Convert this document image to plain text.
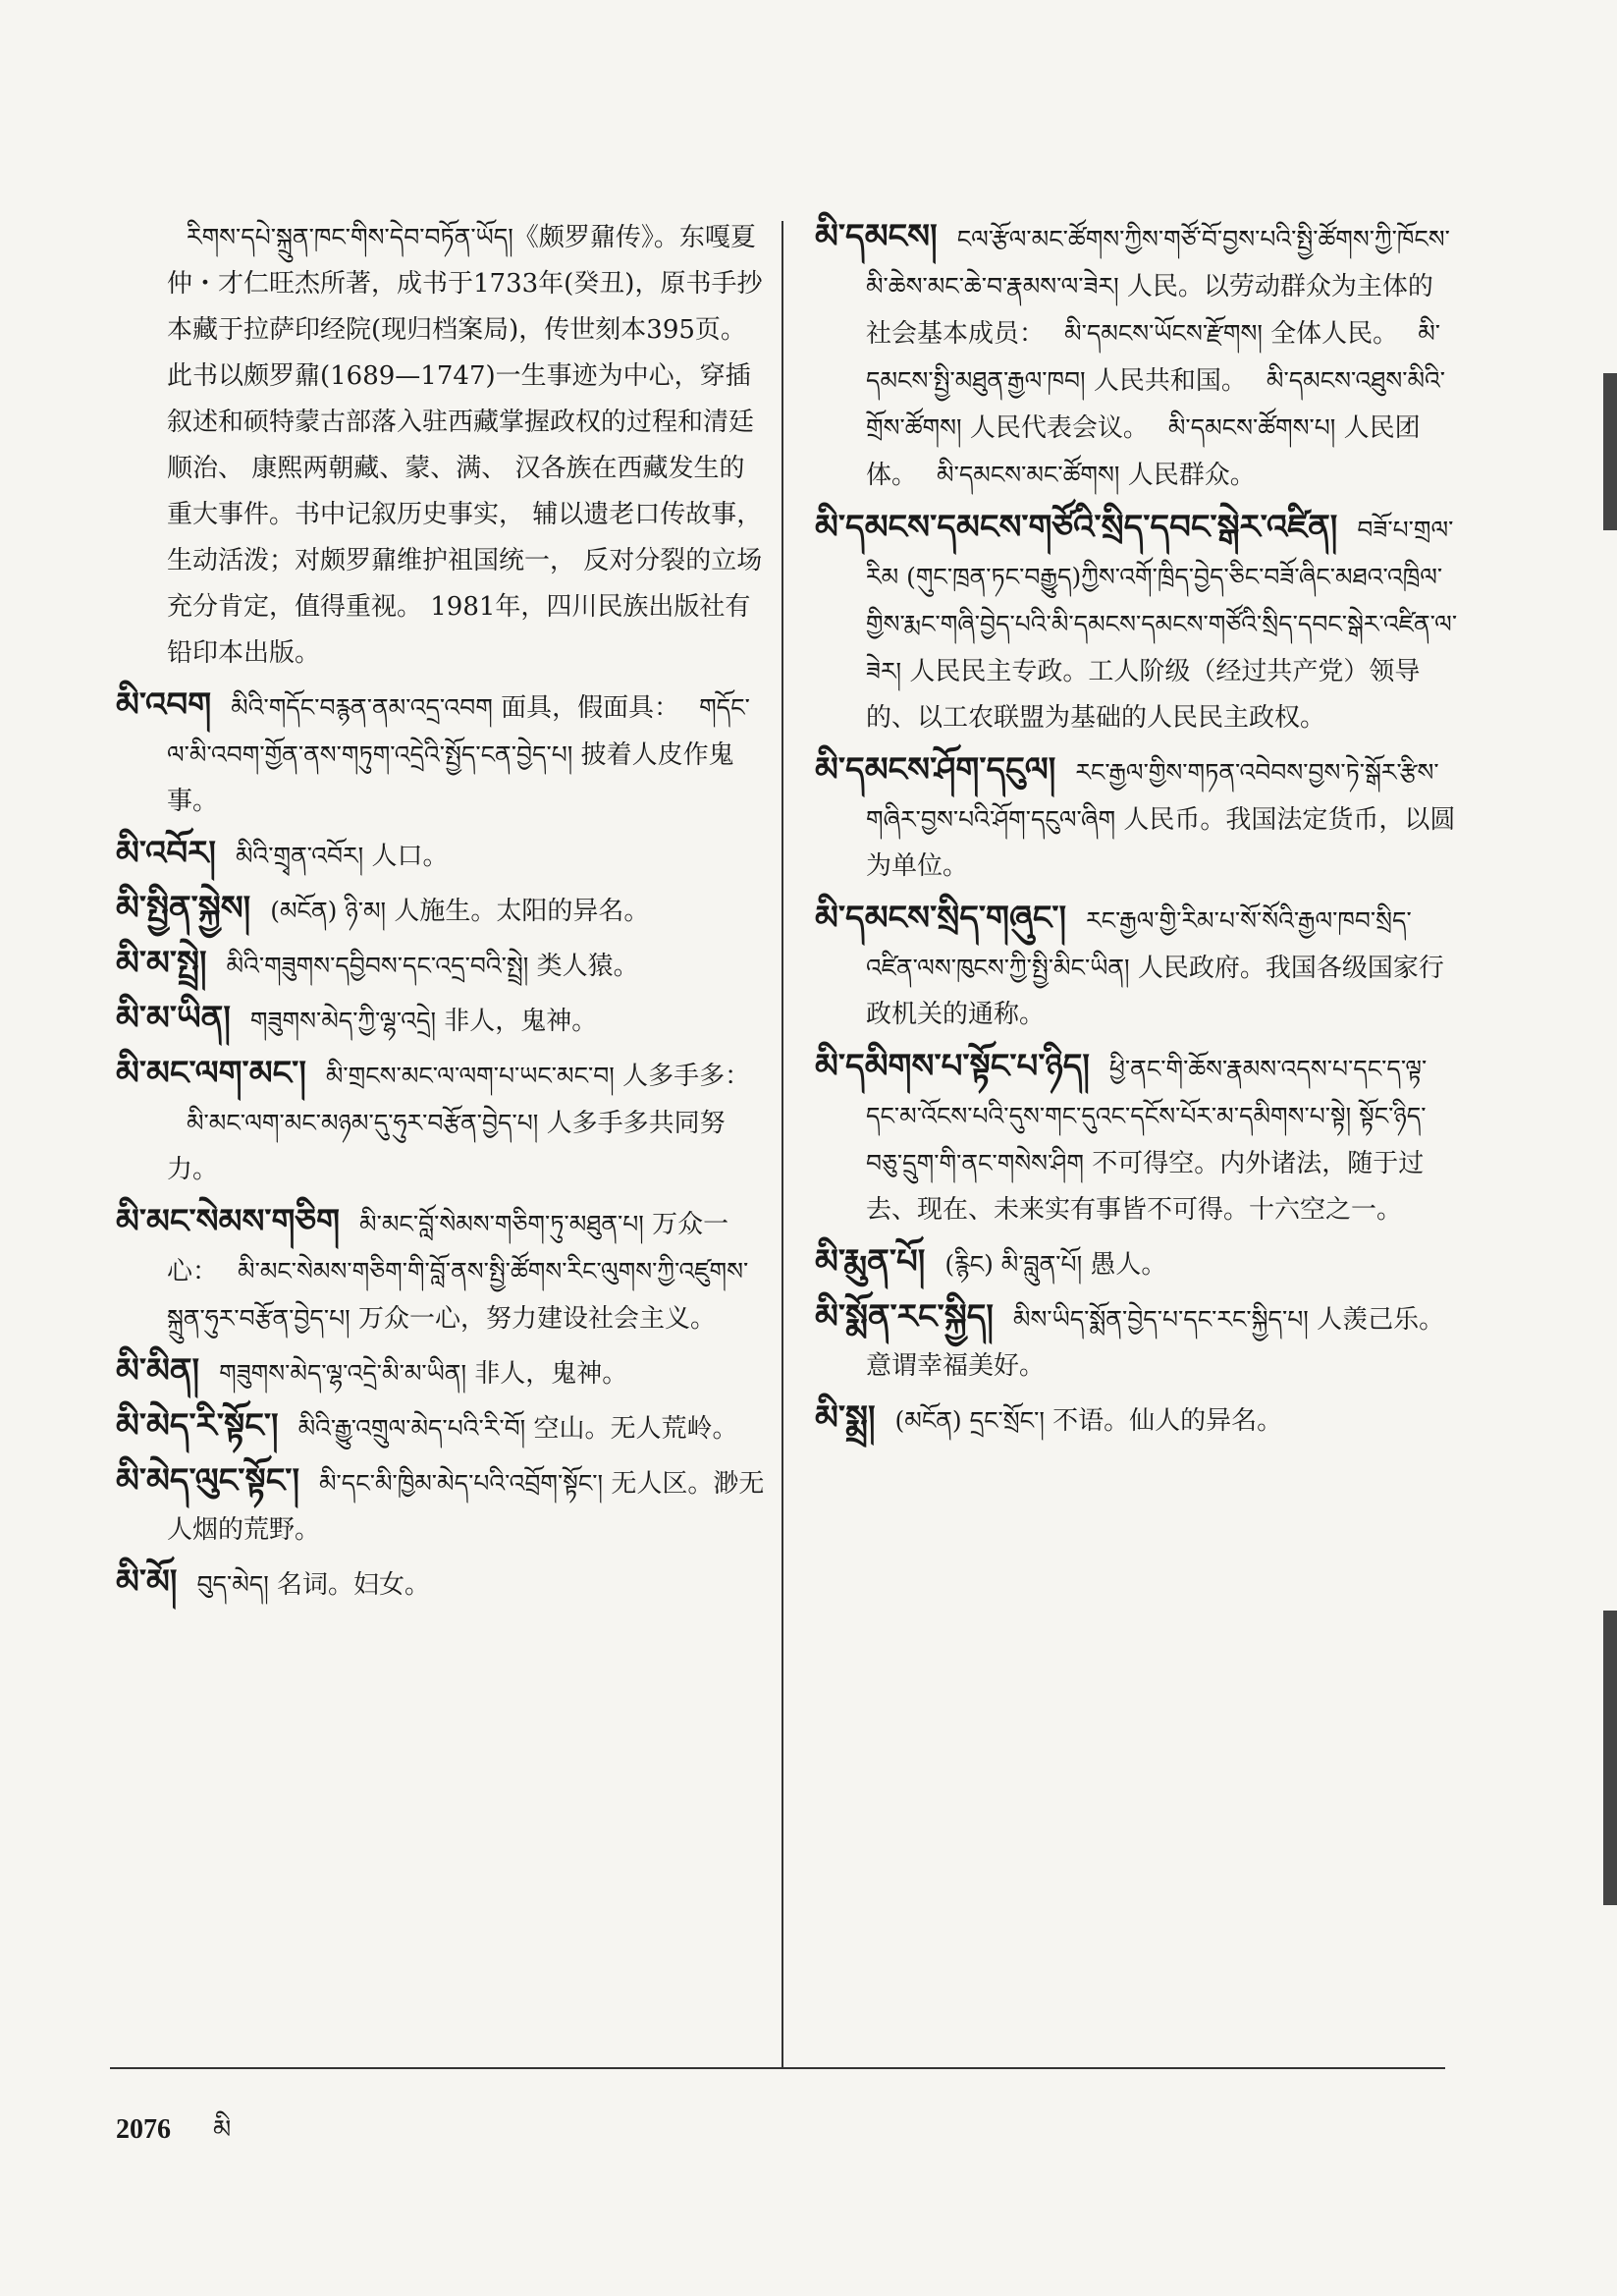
རིགས་དཔེ་སྐྲུན་ཁང་གིས་དེབ་བཏོན་ཡོད།《颇罗鼐传》。东嘎夏仲・才仁旺杰所著，成书于1733年(癸丑)，原书手抄本藏于拉萨印经院(现归档案局)，传世刻本395页。此书以颇罗鼐(1689—1747)一生事迹为中心，穿插叙述和硕特蒙古部落入驻西藏掌握政权的过程和清廷顺治、 康熙两朝藏、蒙、满、 汉各族在西藏发生的重大事件。书中记叙历史事实， 辅以遗老口传故事，生动活泼；对颇罗鼐维护祖国统一， 反对分裂的立场充分肯定，值得重视。 1981年，四川民族出版社有铅印本出版。

མི་འབག མིའི་གདོང་བརྙན་ནམ་འདྲ་འབག 面具，假面具： གདོང་ལ་མི་འབག་གྱོན་ནས་གཏུག་འདྲེའི་སྤྱོད་ངན་བྱེད་པ། 披着人皮作鬼事。

མི་འབོར། མིའི་གྲྭན་འབོར། 人口。

མི་སྤྱིན་སྐྱེས། (མངོན) ཉི་མ། 人施生。太阳的异名。

མི་མ་སྤྲེ། མིའི་གཟུགས་དབྱིབས་དང་འདྲ་བའི་སྤྲེ། 类人猿。

མི་མ་ཡིན། གཟུགས་མེད་ཀྱི་ལྷ་འདྲེ། 非人，鬼神。

མི་མང་ལག་མང་། མི་གྲངས་མང་ལ་ལག་པ་ཡང་མང་བ། 人多手多：མི་མང་ལག་མང་མཉམ་དུ་ཧུར་བརྩོན་བྱེད་པ། 人多手多共同努力。

མི་མང་སེམས་གཅིག མི་མང་བློ་སེམས་གཅིག་ཏུ་མཐུན་པ། 万众一心： མི་མང་སེམས་གཅིག་གི་བློ་ནས་སྤྱི་ཚོགས་རིང་ལུགས་ཀྱི་འཛུགས་སྐྲུན་ཧུར་བརྩོན་བྱེད་པ། 万众一心，努力建设社会主义。

མི་མིན། གཟུགས་མེད་ལྷ་འདྲེ་མི་མ་ཡིན། 非人，鬼神。

མི་མེད་རི་སྟོང་། མིའི་རྒྱུ་འགྲུལ་མེད་པའི་རི་བོ། 空山。无人荒岭。

མི་མེད་ལུང་སྟོང་། མི་དང་མི་ཁྱིམ་མེད་པའི་འབྲོག་སྟོང་། 无人区。渺无人烟的荒野。

མི་མོ། བུད་མེད། 名词。妇女。

མི་དམངས། ངལ་རྩོལ་མང་ཚོགས་ཀྱིས་གཙོ་བོ་བྱས་པའི་སྤྱི་ཚོགས་ཀྱི་ཁོངས་མི་ཆེས་མང་ཆེ་བ་རྣམས་ལ་ཟེར། 人民。以劳动群众为主体的社会基本成员： མི་དམངས་ཡོངས་རྫོགས། 全体人民。 མི་དམངས་སྤྱི་མཐུན་རྒྱལ་ཁབ། 人民共和国。 མི་དམངས་འཐུས་མིའི་གྲོས་ཚོགས། 人民代表会议。 མི་དམངས་ཚོགས་པ། 人民团体。 མི་དམངས་མང་ཚོགས། 人民群众。

མི་དམངས་དམངས་གཙོའི་སྲིད་དབང་སྒེར་འཛིན། བཟོ་པ་གྲལ་རིམ (གུང་ཁྲན་ཏང་བརྒྱུད)ཀྱིས་འགོ་ཁྲིད་བྱེད་ཅིང་བཟོ་ཞིང་མཐའ་འཁྲིལ་གྱིས་རྨང་གཞི་བྱེད་པའི་མི་དམངས་དམངས་གཙོའི་སྲིད་དབང་སྒེར་འཛིན་ལ་ཟེར། 人民民主专政。工人阶级（经过共产党）领导的、以工农联盟为基础的人民民主政权。

མི་དམངས་ཤོག་དངུལ། རང་རྒྱལ་གྱིས་གཏན་འབེབས་བྱས་ཏེ་སྒོར་རྩིས་གཞིར་བྱས་པའི་ཤོག་དངུལ་ཞིག 人民币。我国法定货币，以圆为单位。

མི་དམངས་སྲིད་གཞུང་། རང་རྒྱལ་གྱི་རིམ་པ་སོ་སོའི་རྒྱལ་ཁབ་སྲིད་འཛིན་ལས་ཁུངས་ཀྱི་སྤྱི་མིང་ཡིན། 人民政府。我国各级国家行政机关的通称。

མི་དམིགས་པ་སྟོང་པ་ཉིད། ཕྱི་ནང་གི་ཆོས་རྣམས་འདས་པ་དང་ད་ལྟ་དང་མ་འོངས་པའི་དུས་གང་དུའང་དངོས་པོར་མ་དམིགས་པ་སྟེ། སྟོང་ཉིད་བཅུ་དྲུག་གི་ནང་གསེས་ཤིག 不可得空。内外诸法，随于过去、现在、未来实有事皆不可得。十六空之一。

མི་རྨུན་པོ། (རྙིང) མི་བླུན་པོ། 愚人。

མི་སྨོན་རང་སྐྱིད། མིས་ཡིད་སྨོན་བྱེད་པ་དང་རང་སྐྱིད་པ། 人羡己乐。意谓幸福美好。

མི་སྨྲ། (མངོན) དྲང་སྲོང་། 不语。仙人的异名。

2076 མི
